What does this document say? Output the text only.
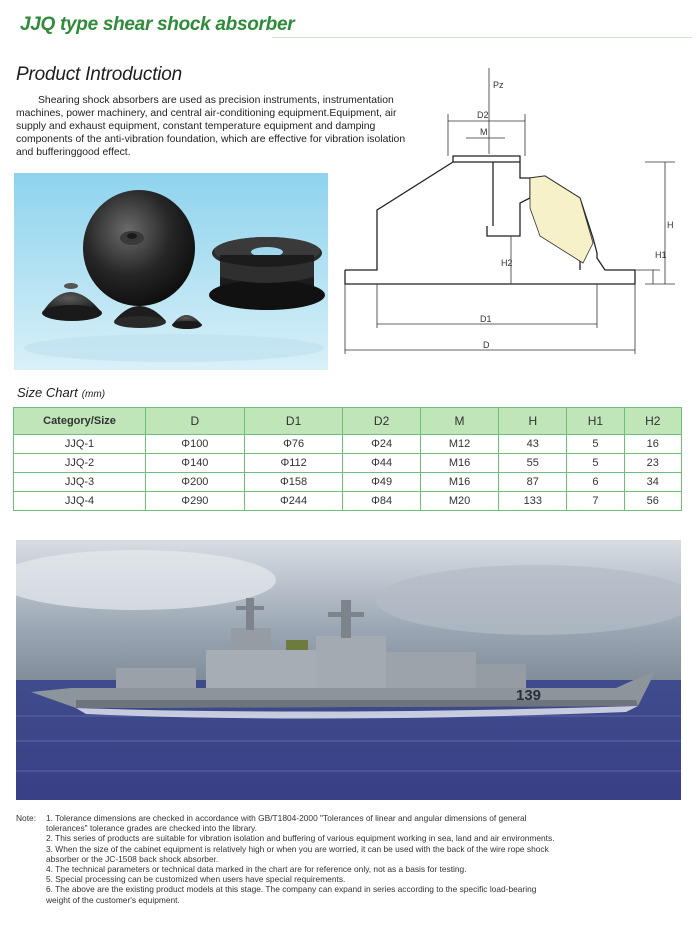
JJQ type shear shock absorber
Product Introduction

Shearing shock absorbers are used as precision instruments, instrumentation machines, power machinery, and central air-conditioning equipment.Equipment, air supply and exhaust equipment, constant temperature equipment and damping components of the anti-vibration foundation, which are effective for vibration isolation and bufferinggood effect.

Pz
D2
M
H
H1
H2
D1
D
Size Chart (mm)
Category/Size	D	D1	D2	M	H	H1	H2
JJQ-1	Φ100	Φ76	Φ24	M12	43	5	16
JJQ-2	Φ140	Φ112	Φ44	M16	55	5	23
JJQ-3	Φ200	Φ158	Φ49	M16	87	6	34
JJQ-4	Φ290	Φ244	Φ84	M20	133	7	56
139
Note: 1. Tolerance dimensions are checked in accordance with GB/T1804-2000 "Tolerances of linear and angular dimensions of general tolerances" tolerance grades are checked into the library.
2. This series of products are suitable for vibration isolation and buffering of various equipment working in sea, land and air environments.
3. When the size of the cabinet equipment is relatively high or when you are worried, it can be used with the back of the wire rope shock absorber or the JC-1508 back shock absorber.
4. The technical parameters or technical data marked in the chart are for reference only, not as a basis for testing.
5. Special processing can be customized when users have special requirements.
6. The above are the existing product models at this stage. The company can expand in series according to the specific load-bearing weight of the customer's equipment.
